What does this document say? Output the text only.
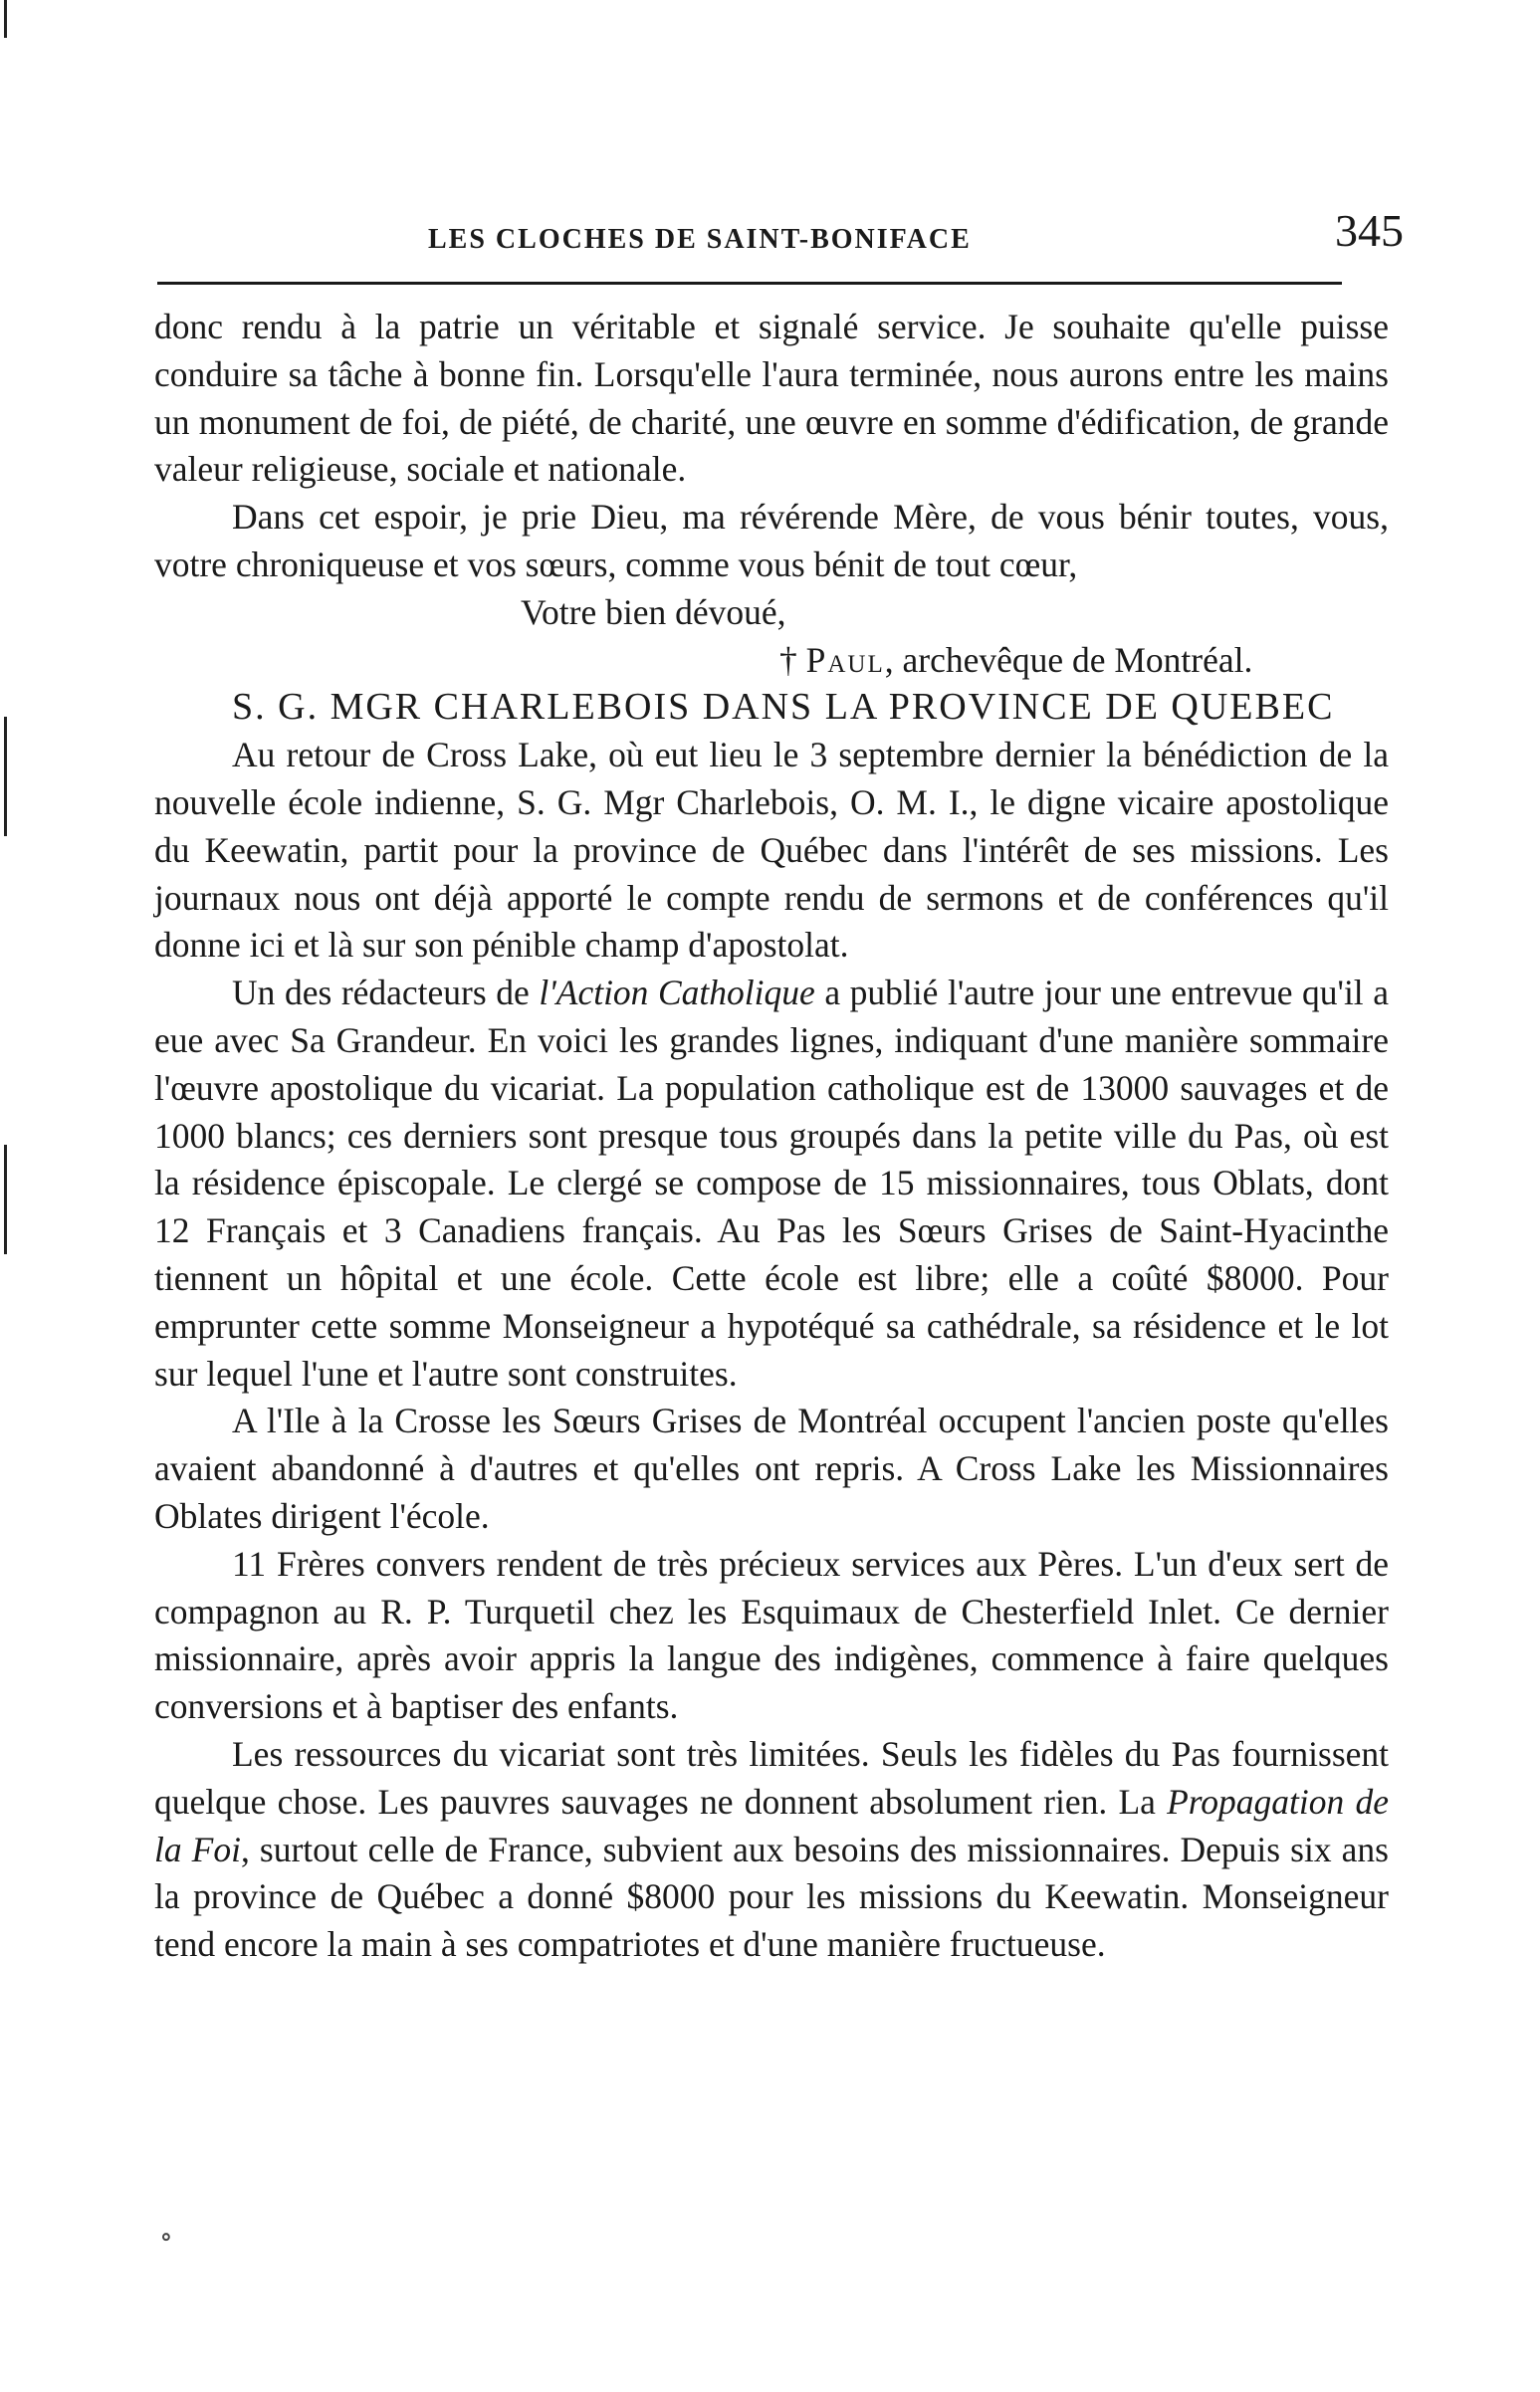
LES CLOCHES DE SAINT-BONIFACE	345

donc rendu à la patrie un véritable et signalé service. Je souhaite qu'elle puisse conduire sa tâche à bonne fin. Lorsqu'elle l'aura terminée, nous aurons entre les mains un monument de foi, de piété, de charité, une œuvre en somme d'édification, de grande valeur religieuse, sociale et nationale.

Dans cet espoir, je prie Dieu, ma révérende Mère, de vous bénir toutes, vous, votre chroniqueuse et vos sœurs, comme vous bénit de tout cœur,

Votre bien dévoué,

† Paul, archevêque de Montréal.

S. G. MGR CHARLEBOIS DANS LA PROVINCE DE QUEBEC

Au retour de Cross Lake, où eut lieu le 3 septembre dernier la bénédiction de la nouvelle école indienne, S. G. Mgr Charlebois, O. M. I., le digne vicaire apostolique du Keewatin, partit pour la province de Québec dans l'intérêt de ses missions. Les journaux nous ont déjà apporté le compte rendu de sermons et de conférences qu'il donne ici et là sur son pénible champ d'apostolat.

Un des rédacteurs de l'Action Catholique a publié l'autre jour une entrevue qu'il a eue avec Sa Grandeur. En voici les grandes lignes, indiquant d'une manière sommaire l'œuvre apostolique du vicariat. La population catholique est de 13000 sauvages et de 1000 blancs; ces derniers sont presque tous groupés dans la petite ville du Pas, où est la résidence épiscopale. Le clergé se compose de 15 missionnaires, tous Oblats, dont 12 Français et 3 Canadiens français. Au Pas les Sœurs Grises de Saint-Hyacinthe tiennent un hôpital et une école. Cette école est libre; elle a coûté $8000. Pour emprunter cette somme Monseigneur a hypotéqué sa cathédrale, sa résidence et le lot sur lequel l'une et l'autre sont construites.

A l'Ile à la Crosse les Sœurs Grises de Montréal occupent l'ancien poste qu'elles avaient abandonné à d'autres et qu'elles ont repris. A Cross Lake les Missionnaires Oblates dirigent l'école.

11 Frères convers rendent de très précieux services aux Pères. L'un d'eux sert de compagnon au R. P. Turquetil chez les Esquimaux de Chesterfield Inlet. Ce dernier missionnaire, après avoir appris la langue des indigènes, commence à faire quelques conversions et à baptiser des enfants.

Les ressources du vicariat sont très limitées. Seuls les fidèles du Pas fournissent quelque chose. Les pauvres sauvages ne donnent absolument rien. La Propagation de la Foi, surtout celle de France, subvient aux besoins des missionnaires. Depuis six ans la province de Québec a donné $8000 pour les missions du Keewatin. Monseigneur tend encore la main à ses compatriotes et d'une manière fructueuse.

∘
